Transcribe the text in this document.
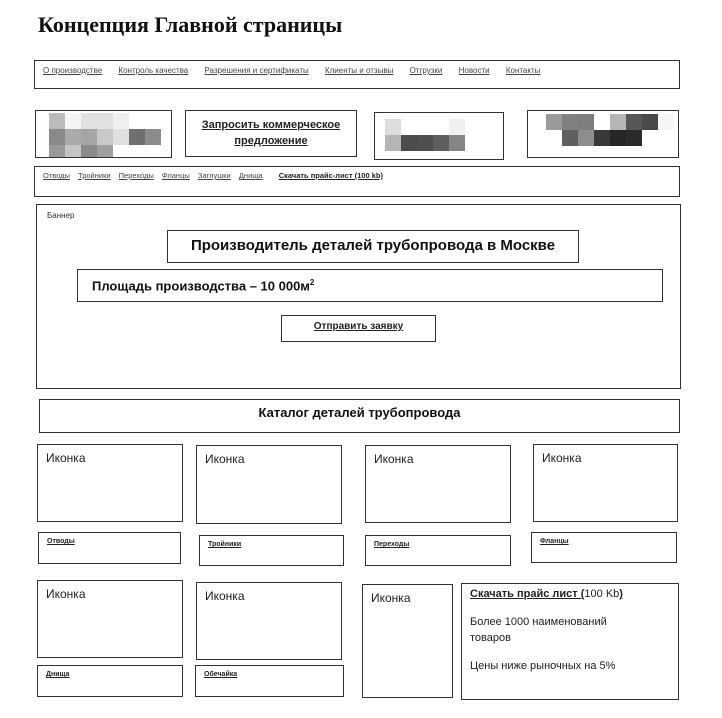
Концепция Главной страницы
О производстве Контроль качества Разрешения и сертификаты Клиенты и отзывы Отгрузки Новости Контакты
Запросить коммерческое
предложение
Отводы Тройники Переходы Фланцы Заглушки Днища Скачать прайс-лист (100 kb)
Баннер
Производитель деталей трубопровода в Москве
Площадь производства – 10 $000м^2$
Отправить заявку
Каталог деталей трубопровода
Иконка	Иконка	Иконка	Иконка
Отводы	Тройники	Переходы	Фланцы
Иконка	Иконка
Днища	Обечайка
Иконка	Скачать прайс лист (100 Kb)

Более 1000 наименований товаров

Цены ниже рыночных на 5%
